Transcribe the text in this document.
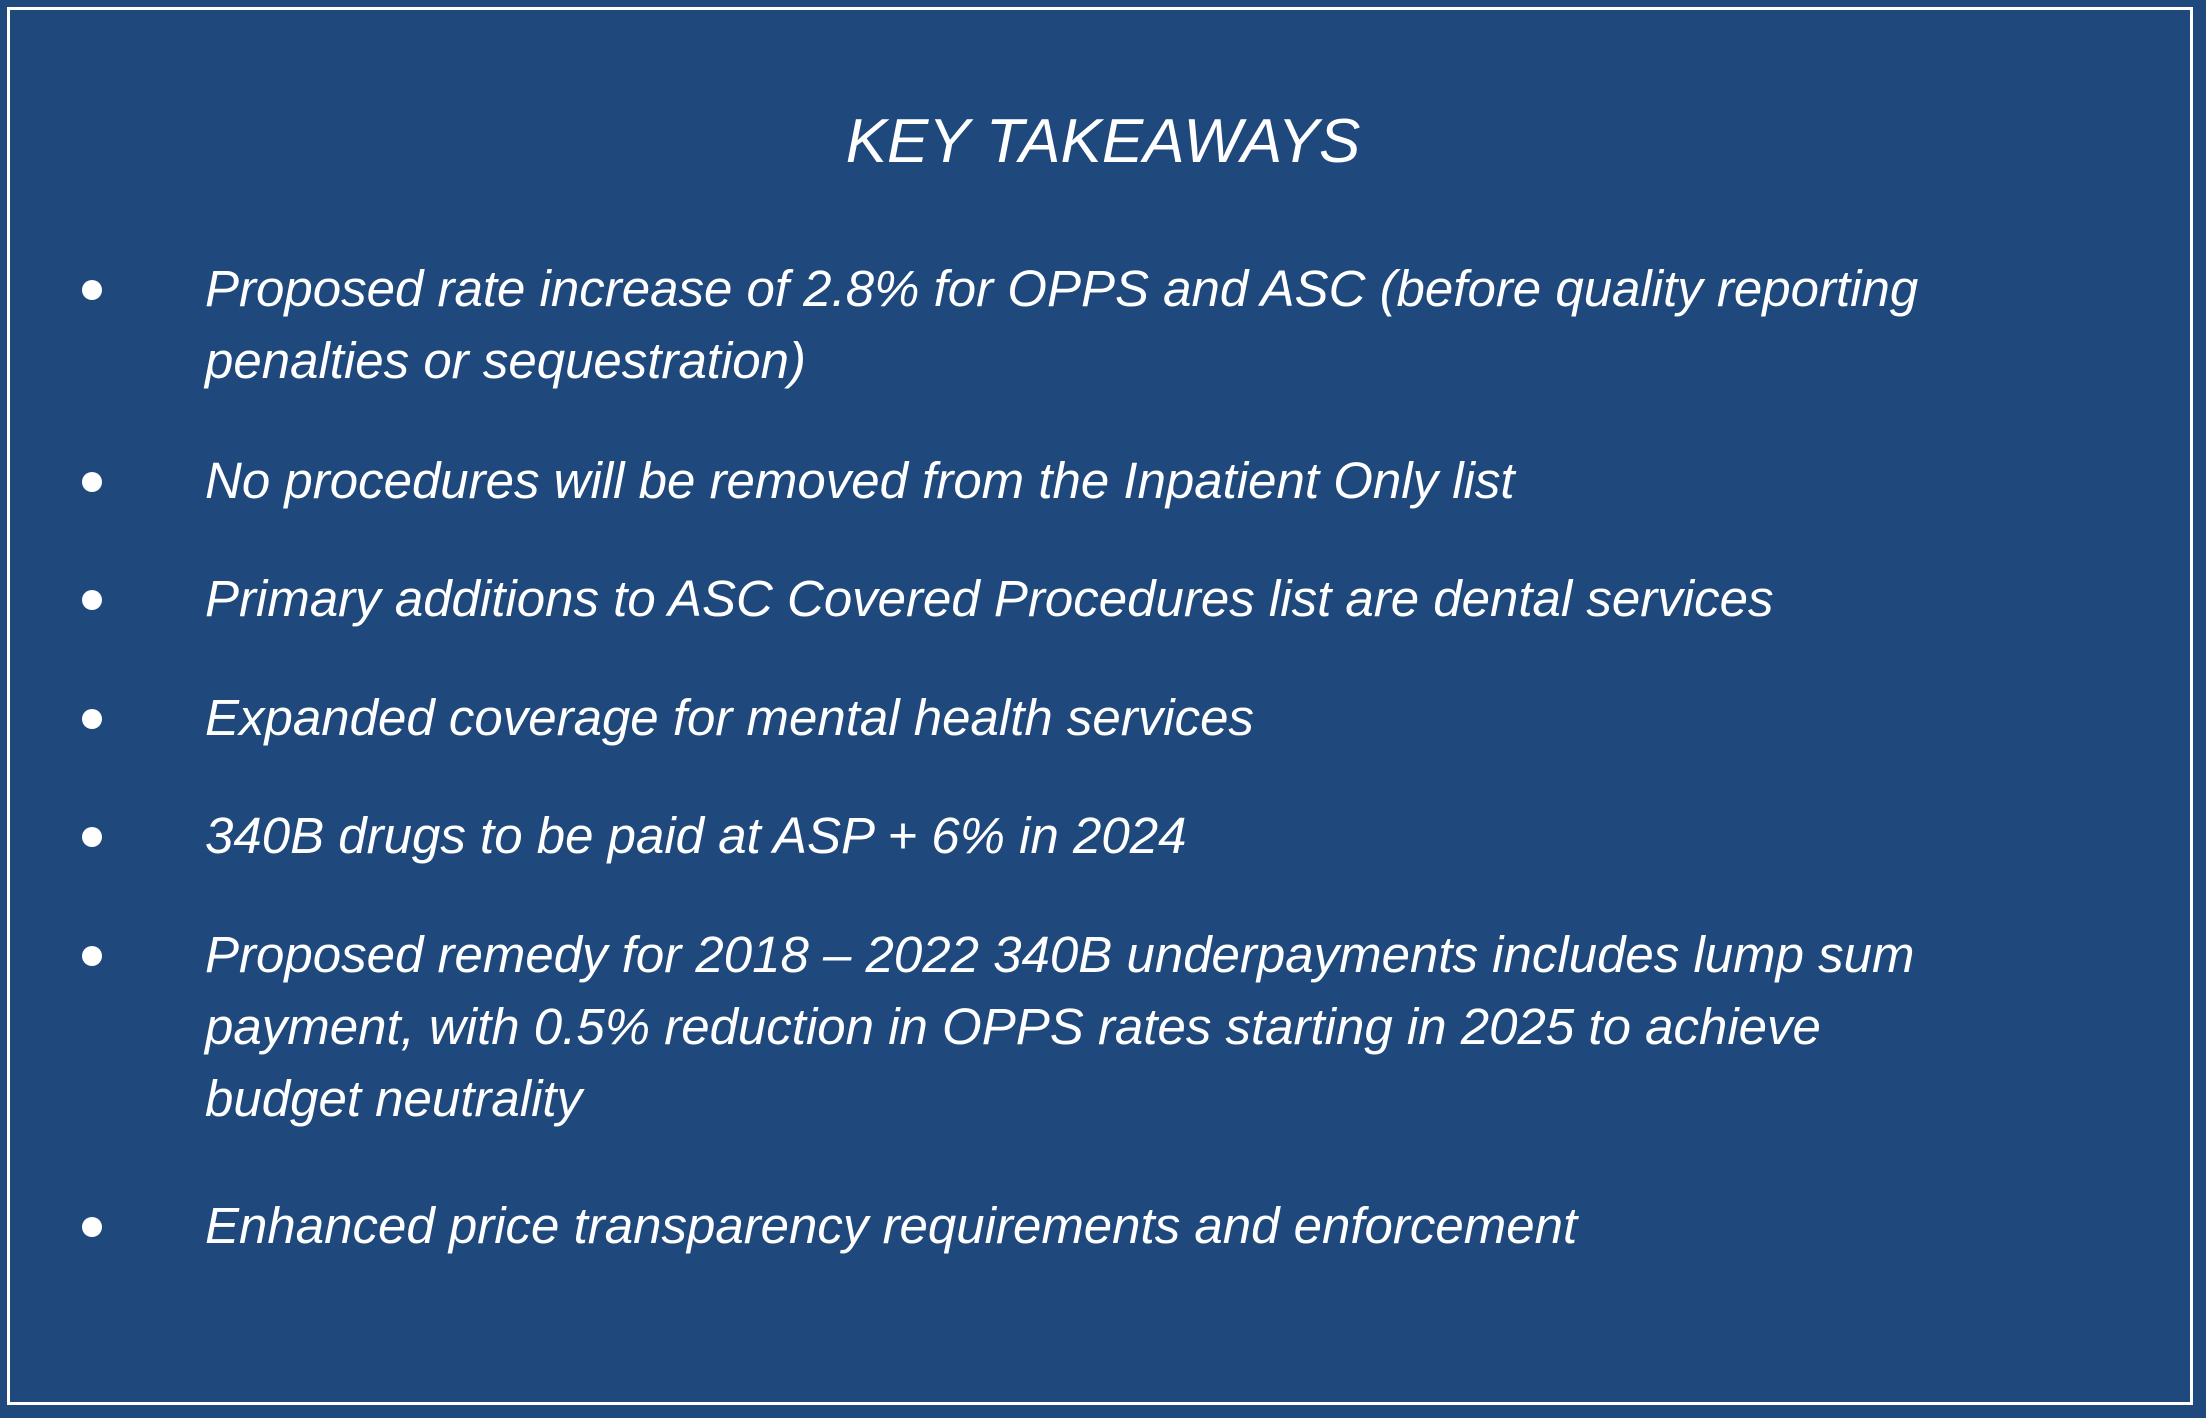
KEY TAKEAWAYS
Proposed rate increase of 2.8% for OPPS and ASC (before quality reporting
penalties or sequestration)
No procedures will be removed from the Inpatient Only list
Primary additions to ASC Covered Procedures list are dental services
Expanded coverage for mental health services
340B drugs to be paid at ASP + 6% in 2024
Proposed remedy for 2018 – 2022 340B underpayments includes lump sum
payment, with 0.5% reduction in OPPS rates starting in 2025 to achieve
budget neutrality
Enhanced price transparency requirements and enforcement
